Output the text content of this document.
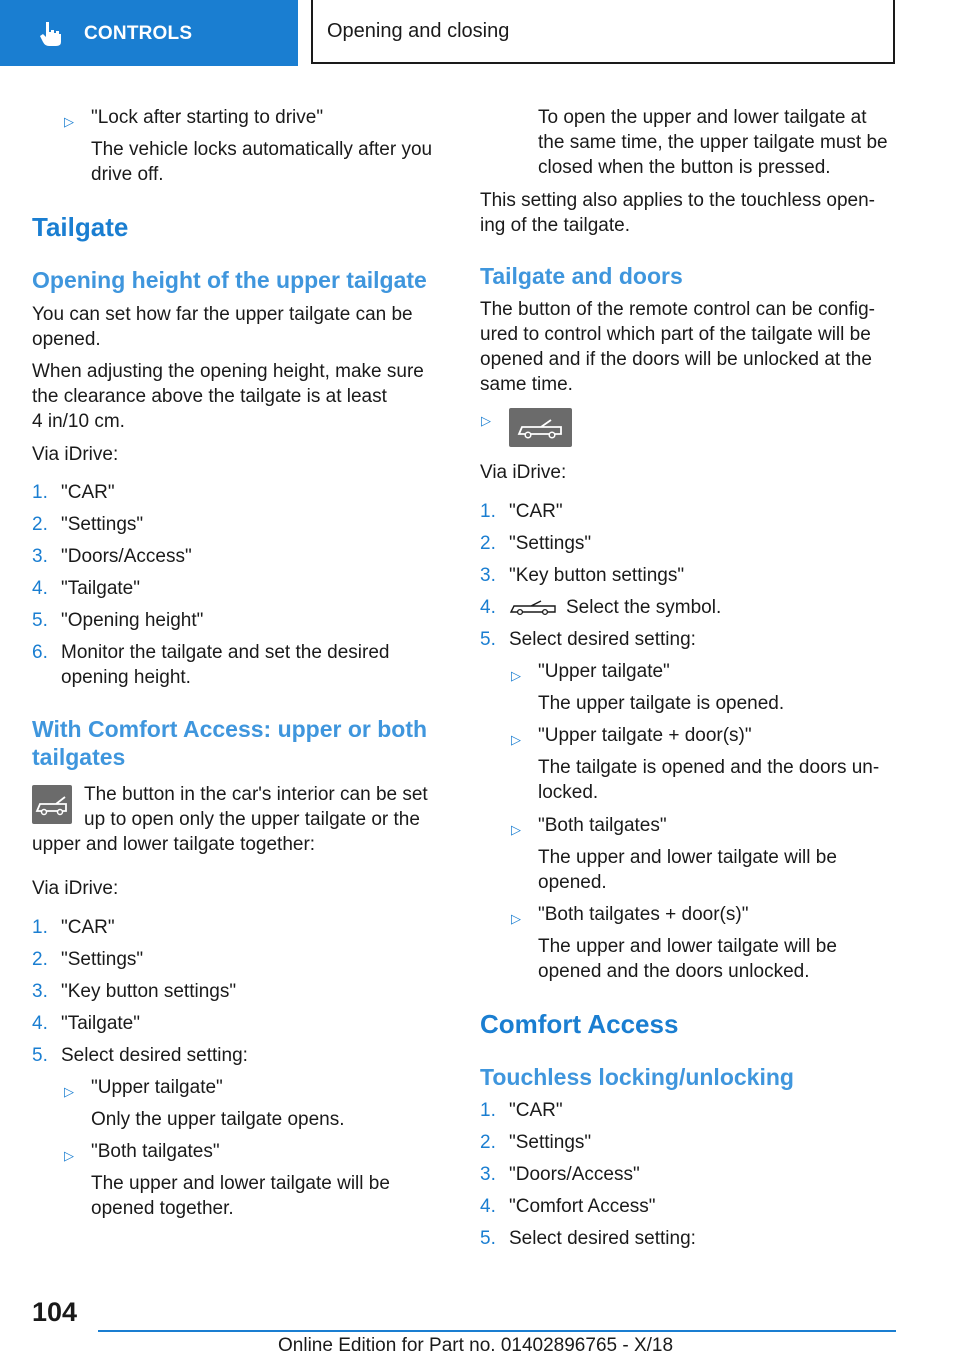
CONTROLS	Opening and closing
▷ "Lock after starting to drive"

The vehicle locks automatically after you

drive off.

Tailgate

Opening height of the upper tailgate

You can set how far the upper tailgate can be

opened.

When adjusting the opening height, make sure

the clearance above the tailgate is at least

4 in/10 cm.

Via iDrive:

1. "CAR"
2. "Settings"
3. "Doors/Access"
4. "Tailgate"
5. "Opening height"
6. Monitor the tailgate and set the desired

opening height.

With Comfort Access: upper or both

tailgates

The button in the car's interior can be set

up to open only the upper tailgate or the

upper and lower tailgate together:

Via iDrive:

1. "CAR"
2. "Settings"
3. "Key button settings"
4. "Tailgate"
5. Select desired setting:
▷ "Upper tailgate"

Only the upper tailgate opens.

▷ "Both tailgates"

The upper and lower tailgate will be

opened together.

To open the upper and lower tailgate at

the same time, the upper tailgate must be

closed when the button is pressed.

This setting also applies to the touchless open-

ing of the tailgate.

Tailgate and doors

The button of the remote control can be config-

ured to control which part of the tailgate will be

opened and if the doors will be unlocked at the

same time.

▷

Via iDrive:

1. "CAR"
2. "Settings"
3. "Key button settings"
4.	Select the symbol.
5. Select desired setting:
▷ "Upper tailgate"

The upper tailgate is opened.

▷ "Upper tailgate + door(s)"

The tailgate is opened and the doors un-

locked.

▷ "Both tailgates"

The upper and lower tailgate will be

opened.

▷ "Both tailgates + door(s)"

The upper and lower tailgate will be

opened and the doors unlocked.

Comfort Access

Touchless locking/unlocking

1. "CAR"
2. "Settings"
3. "Doors/Access"
4. "Comfort Access"
5. Select desired setting:
104
Online Edition for Part no. 01402896765 - X/18
